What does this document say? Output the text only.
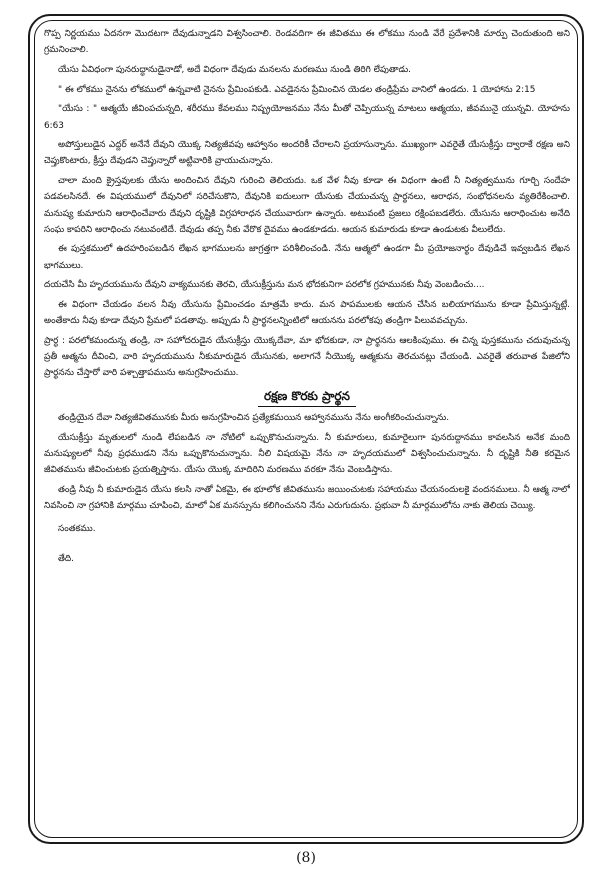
గొప్ప నిర్ణయము ఏదనగా మొదటగా దేవుడున్నాడని విశ్వసించాలి. రెండవదిగా ఈ జీవితము ఈ లోకము నుండి వేరే ప్రదేశానికి మార్పు చెందుతుంది అని గ్రమనించాలి.

యేసు ఏవిధంగా పునరుద్ధానుడైనాడో, అదే విధంగా దేవుడు మనలను మరణము నుండి తిరిగి లేపుతాడు.

" ఈ లోకము నైనను లోకములో ఉన్నవాటి నైనను ప్రేమింపకుడి. ఎవడైనను ప్రేమించిన యెడల తండ్రిప్రేమ వానిలో ఉండదు. 1 యోహాను 2:15

"యేసు : " ఆత్మయే జీవింపచున్నది, శరీరము కేవలము నిష్ప్రయోజనము నేను మీతో చెప్పియున్న మాటలు ఆత్మయు, జీవమునై యున్నవి. యోహను 6:63

అపోస్తులుడైన ఎద్దర్ అనేనే దేవుని యొక్క నిత్యజీవపు ఆహ్వానం అందరికీ చేరాలని ప్రయాసున్నాను. ముఖ్యంగా ఎవరైతే యేసుక్రీస్తు ద్వారాకే రక్షణ అని చెప్తుకొంటారు, క్రీస్తు దేవుడని చెప్తున్నారో అట్టివారికి వ్రాయుచున్నాను.

చాలా మంది క్రైస్తవులకు యేసు అందించిన దేవుని గురించి తెలియదు. ఒక వేళ నీవు కూడా ఈ విధంగా ఉంటే నీ నిత్యత్వమును గూర్చి సందేహ పడవలసినదే. ఈ విషయములో దేవునిలో సరిచేసుకొని, దేవునికి ఐదులుగా యేసుకు చేయుచున్న ప్రార్థనలు, ఆరాధన, సంభోధనలను వ్యతిరేకించాలి. మనుష్య కుమారుని ఆరాధించేవారు దేవుని దృష్టికి విగ్రహారాధన చేయువారుగా ఉన్నారు. అటువంటి ప్రజలు రక్షింపబడలేరు. యేసును ఆరాధించుట అనేది సంఘ కాపరిని ఆరాధించు నటువంటిదే. దేవుడు తప్ప నీకు వేరొక దైవము ఉండకూడదు. ఆయన కుమారుడు కూడా ఉండుటకు వీలులేదు.

ఈ పుస్తకములో ఉదహరింపబడిన లేఖన భాగములను జాగ్రత్తగా పరిశీలించండి. నేను ఆత్మలో ఉండగా మీ ప్రయోజనార్థం దేవుడిచే ఇవ్వబడిన లేఖన భాగములు.

దయచేసి మీ హృదయమును దేవుని వాక్యమునకు తెరచి, యేసుక్రీస్తును మన భోదకునిగా పరలోక గ్రహమునకు నీవు వెంబడించు....

ఈ విధంగా చేయడం వలన నీవు యేసును ప్రేమించడం మాత్రమే కాదు. మన పాపములకు ఆయన చేసిన బలియాగమును కూడా ప్రేమిస్తున్నట్లే. అంతేకాదు నీవు కూడా దేవుని ప్రేమలో పడతావు. అప్పుడు నీ ప్రార్థనలన్నింటిలో ఆయనను పరలోకపు తండ్రిగా పిలువవచ్చును.

ప్రార్ధ : పరలోకమందున్న తండ్రి, నా సహోదరుడైన యేసుక్రీస్తు యొక్కదేవా, మా భోదకుడా, నా ప్రార్థనను ఆలకింపుము. ఈ చిన్న పుస్తకమును చదువుచున్న ప్రతీ ఆత్మను దీవించి, వారి హృదయమును నీకుమారుడైన యేసునకు, అలాగనే నీయొక్క ఆత్మకును తెరచునట్లు చేయండి. ఎవరైతే తరువాత పేజిలోని ప్రార్థనను చేస్తారో వారి పశ్చాత్తాపమును అనుగ్రహించుము.

రక్షణ కొరకు ప్రార్థన

తండ్రియైన దేవా నిత్యజీవితమునకు మీరు అనుగ్రహించిన ప్రత్యేకమయిన ఆహ్వానమును నేను అంగీకరించుచున్నాను.

యేసుక్రీస్తు మృతులలో నుండి లేపబడిన నా నోటిలో ఒప్పుకొనుచున్నాను. నీ కుమారులు, కుమారైలుగా పునరుద్దానము కావలసిన అనేక మంది మనుష్యులలో నీవు ప్రధముడని నేను ఒప్పుకొనుచున్నాను. నీలి విషయమై నేను నా హృదయములో విశ్వసించుచున్నాను. నీ దృష్టికి నీతి కరమైన జీవితమును జీవించుటకు ప్రయత్నిస్తాను. యేసు యొక్క మాదిరిని మరణము వరకూ నేను వెంబడిస్తాను.

తండ్రి నీవు నీ కుమారుడైన యేసు కలసి నాతో ఏకమై, ఈ భూలోక జీవితమును జయించుటకు సహాయము చేయనందులకై వందనములు. నీ ఆత్మ నాలో నివసించి నా గ్రహానికి మార్గము చూపించి, మాలో ఏక మనస్సును కలిగించునని నేను ఎరుగుదును. ప్రభువా నీ మార్గములోను నాకు తెలియ చెయ్యి.

సంతకము.
తేది.
(8)
